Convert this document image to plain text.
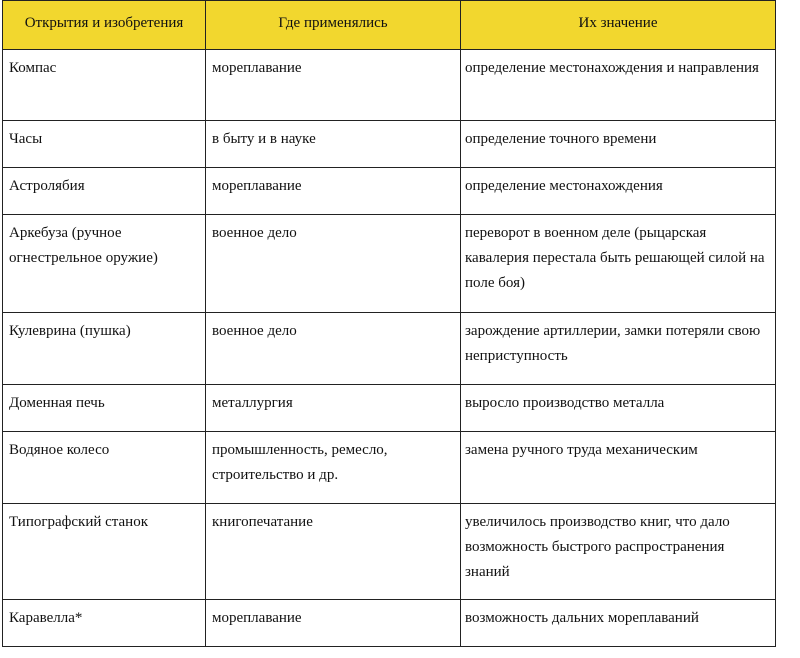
Открытия и изобретения	Где применялись	Их значение
Компас	мореплавание	определение местонахождения и направления
Часы	в быту и в науке	определение точного времени
Астролябия	мореплавание	определение местонахождения
Аркебуза (ручное огнестрельное оружие)	военное дело	переворот в военном деле (рыцарская кавалерия перестала быть решающей силой на поле боя)
Кулеврина (пушка)	военное дело	зарождение артиллерии, замки потеряли свою неприступность
Доменная печь	металлургия	выросло производство металла
Водяное колесо	промышленность, ремесло, строительство и др.	замена ручного труда механическим
Типографский станок	книгопечатание	увеличилось производство книг, что дало возможность быстрого распространения знаний
Каравелла*	мореплавание	возможность дальних мореплаваний
